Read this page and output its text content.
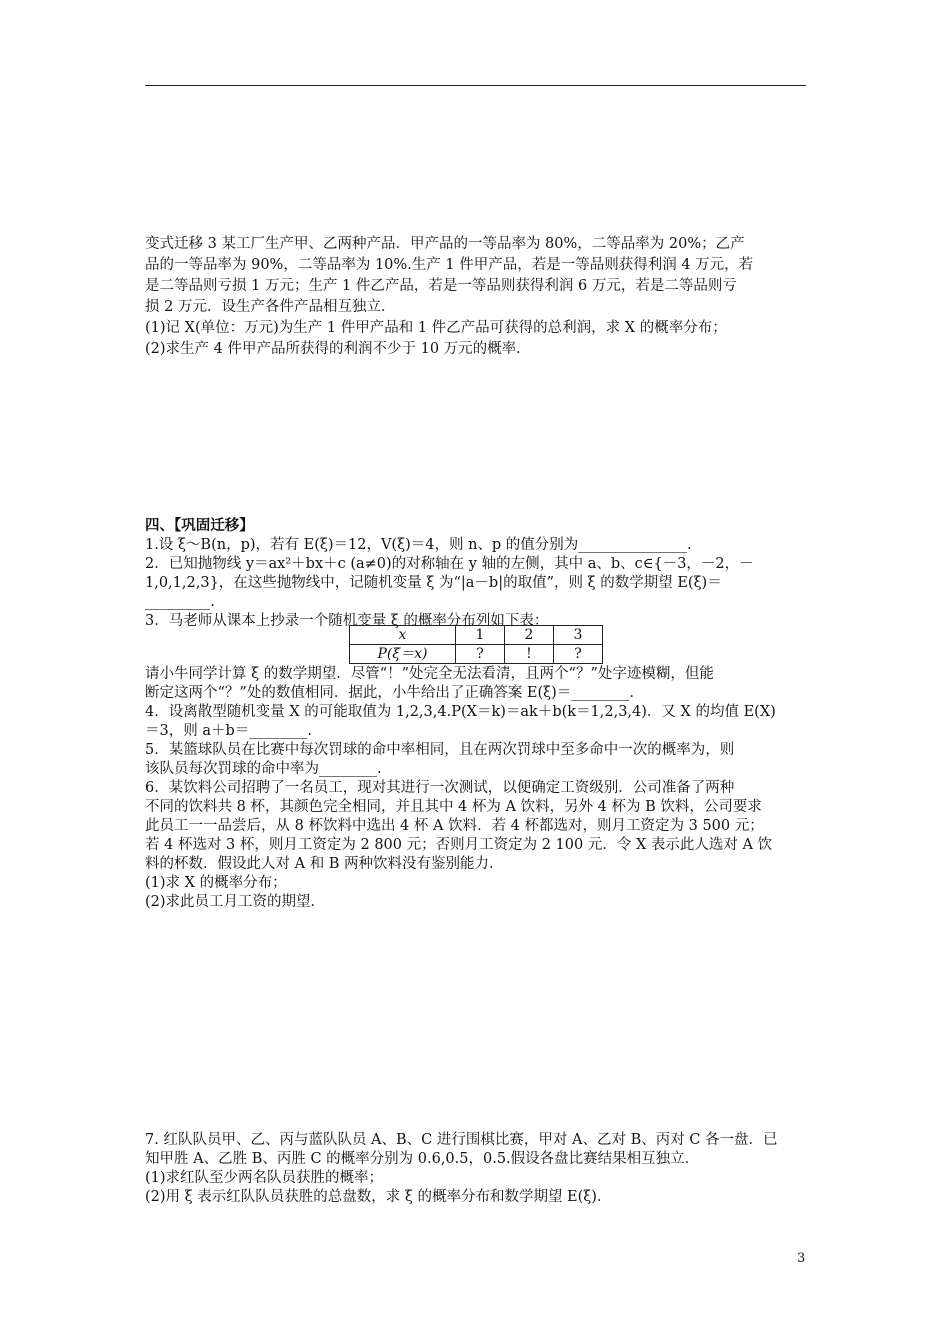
变式迁移 3 某工厂生产甲、乙两种产品．甲产品的一等品率为 80%，二等品率为 20%；乙产
品的一等品率为 90%，二等品率为 10%.生产 1 件甲产品，若是一等品则获得利润 4 万元，若
是二等品则亏损 1 万元；生产 1 件乙产品，若是一等品则获得利润 6 万元，若是二等品则亏
损 2 万元．设生产各件产品相互独立．
(1)记 X(单位：万元)为生产 1 件甲产品和 1 件乙产品可获得的总利润，求 X 的概率分布；
(2)求生产 4 件甲产品所获得的利润不少于 10 万元的概率．
四、【巩固迁移】
1.设 ξ～B(n，p)，若有 E(ξ)＝12，V(ξ)＝4，则 n、p 的值分别为_______________.
2．已知抛物线 y＝ax²＋bx＋c (a≠0)的对称轴在 y 轴的左侧，其中 a、b、c∈{－3，－2，－
1,0,1,2,3}，在这些抛物线中，记随机变量 ξ 为“|a－b|的取值”，则 ξ 的数学期望 E(ξ)＝
_________.
3．马老师从课本上抄录一个随机变量 ξ 的概率分布列如下表：
x	1	2	3
P(ξ＝x)	?	!	?
请小牛同学计算 ξ 的数学期望．尽管“！”处完全无法看清，且两个“？”处字迹模糊，但能
断定这两个“？”处的数值相同．据此，小牛给出了正确答案 E(ξ)＝________.
4．设离散型随机变量 X 的可能取值为 1,2,3,4.P(X＝k)＝ak＋b(k＝1,2,3,4)．又 X 的均值 E(X)
＝3，则 a＋b＝________.
5．某篮球队员在比赛中每次罚球的命中率相同，且在两次罚球中至多命中一次的概率为，则
该队员每次罚球的命中率为________.
6．某饮料公司招聘了一名员工，现对其进行一次测试，以便确定工资级别．公司准备了两种
不同的饮料共 8 杯，其颜色完全相同，并且其中 4 杯为 A 饮料，另外 4 杯为 B 饮料，公司要求
此员工一一品尝后，从 8 杯饮料中选出 4 杯 A 饮料．若 4 杯都选对，则月工资定为 3 500 元；
若 4 杯选对 3 杯，则月工资定为 2 800 元；否则月工资定为 2 100 元．令 X 表示此人选对 A 饮
料的杯数．假设此人对 A 和 B 两种饮料没有鉴别能力．
(1)求 X 的概率分布；
(2)求此员工月工资的期望．
7. 红队队员甲、乙、丙与蓝队队员 A、B、C 进行围棋比赛，甲对 A、乙对 B、丙对 C 各一盘．已
知甲胜 A、乙胜 B、丙胜 C 的概率分别为 0.6,0.5，0.5.假设各盘比赛结果相互独立．
(1)求红队至少两名队员获胜的概率；
(2)用 ξ 表示红队队员获胜的总盘数，求 ξ 的概率分布和数学期望 E(ξ)．
3
